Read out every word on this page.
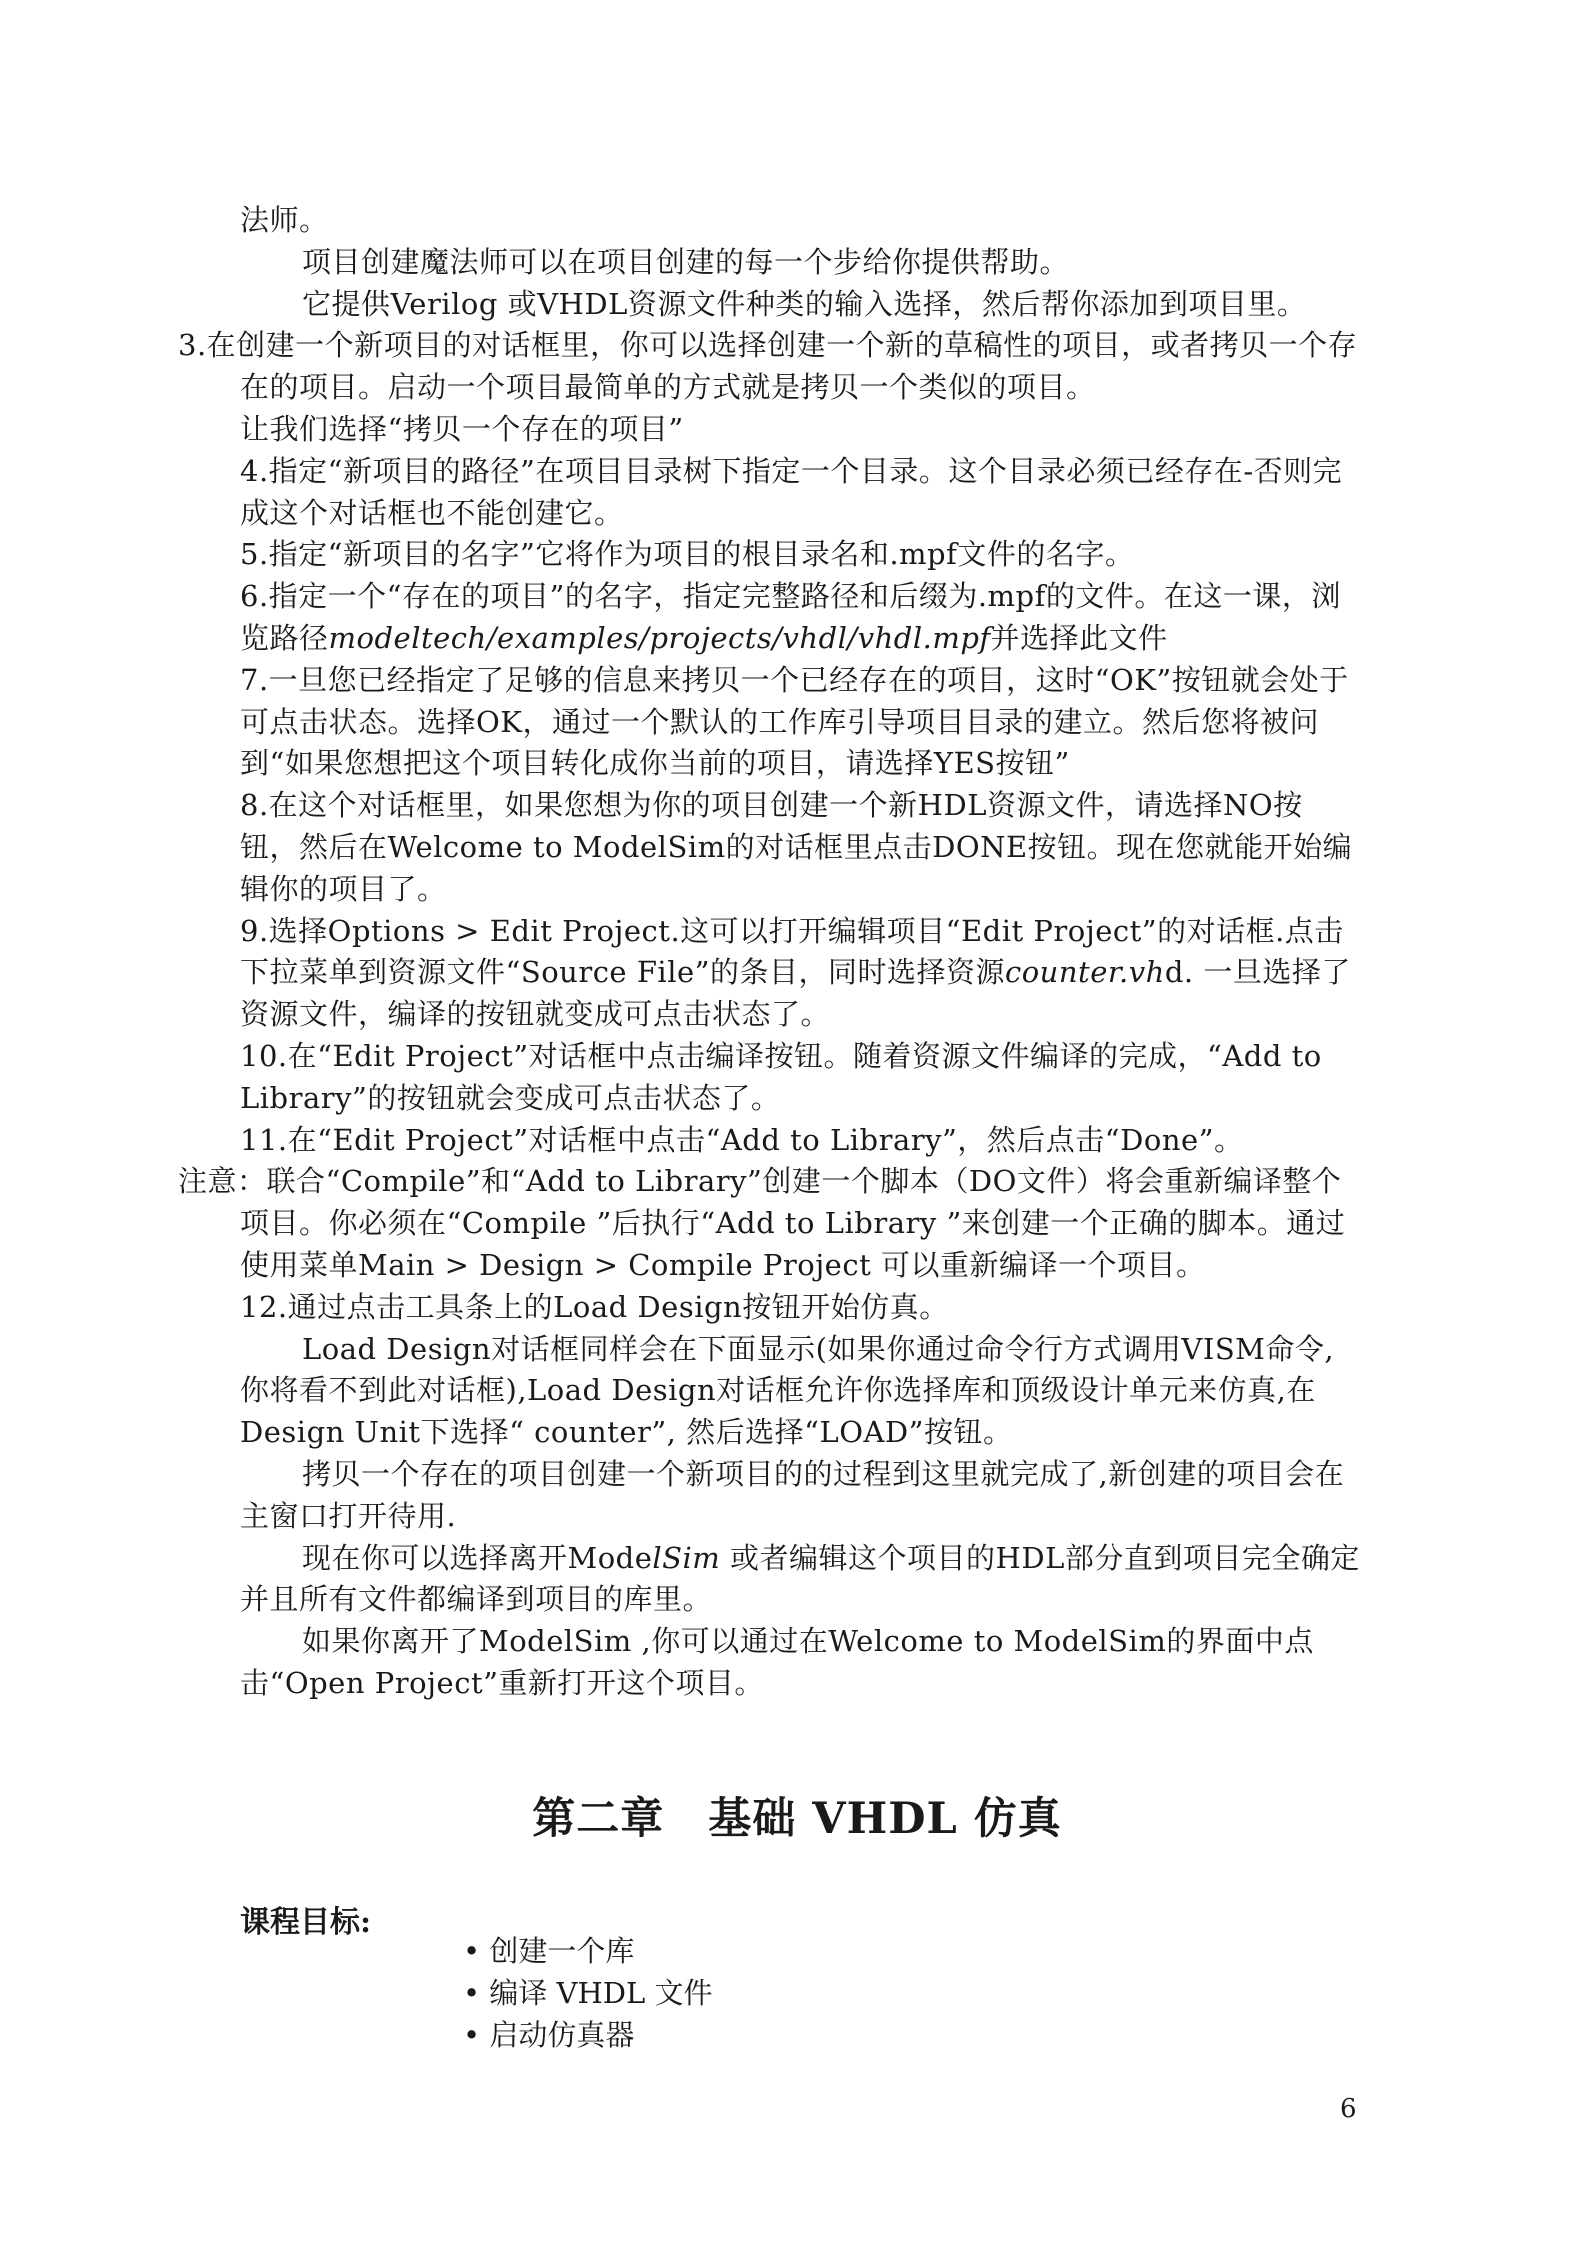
法师。

项目创建魔法师可以在项目创建的每一个步给你提供帮助。

它提供Verilog 或VHDL资源文件种类的输入选择，然后帮你添加到项目里。

3.在创建一个新项目的对话框里，你可以选择创建一个新的草稿性的项目，或者拷贝一个存在的项目。启动一个项目最简单的方式就是拷贝一个类似的项目。

让我们选择“拷贝一个存在的项目”

4.指定“新项目的路径”在项目目录树下指定一个目录。这个目录必须已经存在-否则完成这个对话框也不能创建它。

5.指定“新项目的名字”它将作为项目的根目录名和.mpf文件的名字。

6.指定一个“存在的项目”的名字，指定完整路径和后缀为.mpf的文件。在这一课，浏览路径modeltech/examples/projects/vhdl/vhdl.mpf并选择此文件

7.一旦您已经指定了足够的信息来拷贝一个已经存在的项目，这时“OK”按钮就会处于可点击状态。选择OK，通过一个默认的工作库引导项目目录的建立。然后您将被问到“如果您想把这个项目转化成你当前的项目，请选择YES按钮”

8.在这个对话框里，如果您想为你的项目创建一个新HDL资源文件，请选择NO按钮，然后在Welcome to ModelSim的对话框里点击DONE按钮。现在您就能开始编辑你的项目了。

9.选择Options > Edit Project.这可以打开编辑项目“Edit Project”的对话框.点击下拉菜单到资源文件“Source File”的条目，同时选择资源counter.vhd. 一旦选择了资源文件，编译的按钮就变成可点击状态了。

10.在“Edit Project”对话框中点击编译按钮。随着资源文件编译的完成，“Add to Library”的按钮就会变成可点击状态了。

11.在“Edit Project”对话框中点击“Add to Library”，然后点击“Done”。

注意：联合“Compile”和“Add to Library”创建一个脚本（DO文件）将会重新编译整个项目。你必须在“Compile ”后执行“Add to Library ”来创建一个正确的脚本。通过使用菜单Main > Design > Compile Project 可以重新编译一个项目。

12.通过点击工具条上的Load Design按钮开始仿真。

Load Design对话框同样会在下面显示(如果你通过命令行方式调用VISM命令,你将看不到此对话框),Load Design对话框允许你选择库和顶级设计单元来仿真,在Design Unit下选择“ counter”, 然后选择“LOAD”按钮。

拷贝一个存在的项目创建一个新项目的的过程到这里就完成了,新创建的项目会在主窗口打开待用.

现在你可以选择离开ModelSim 或者编辑这个项目的HDL部分直到项目完全确定并且所有文件都编译到项目的库里。

如果你离开了ModelSim ,你可以通过在Welcome to ModelSim的界面中点击“Open Project”重新打开这个项目。

第二章　基础 VHDL 仿真
课程目标:
• 创建一个库
• 编译 VHDL 文件
• 启动仿真器
6
